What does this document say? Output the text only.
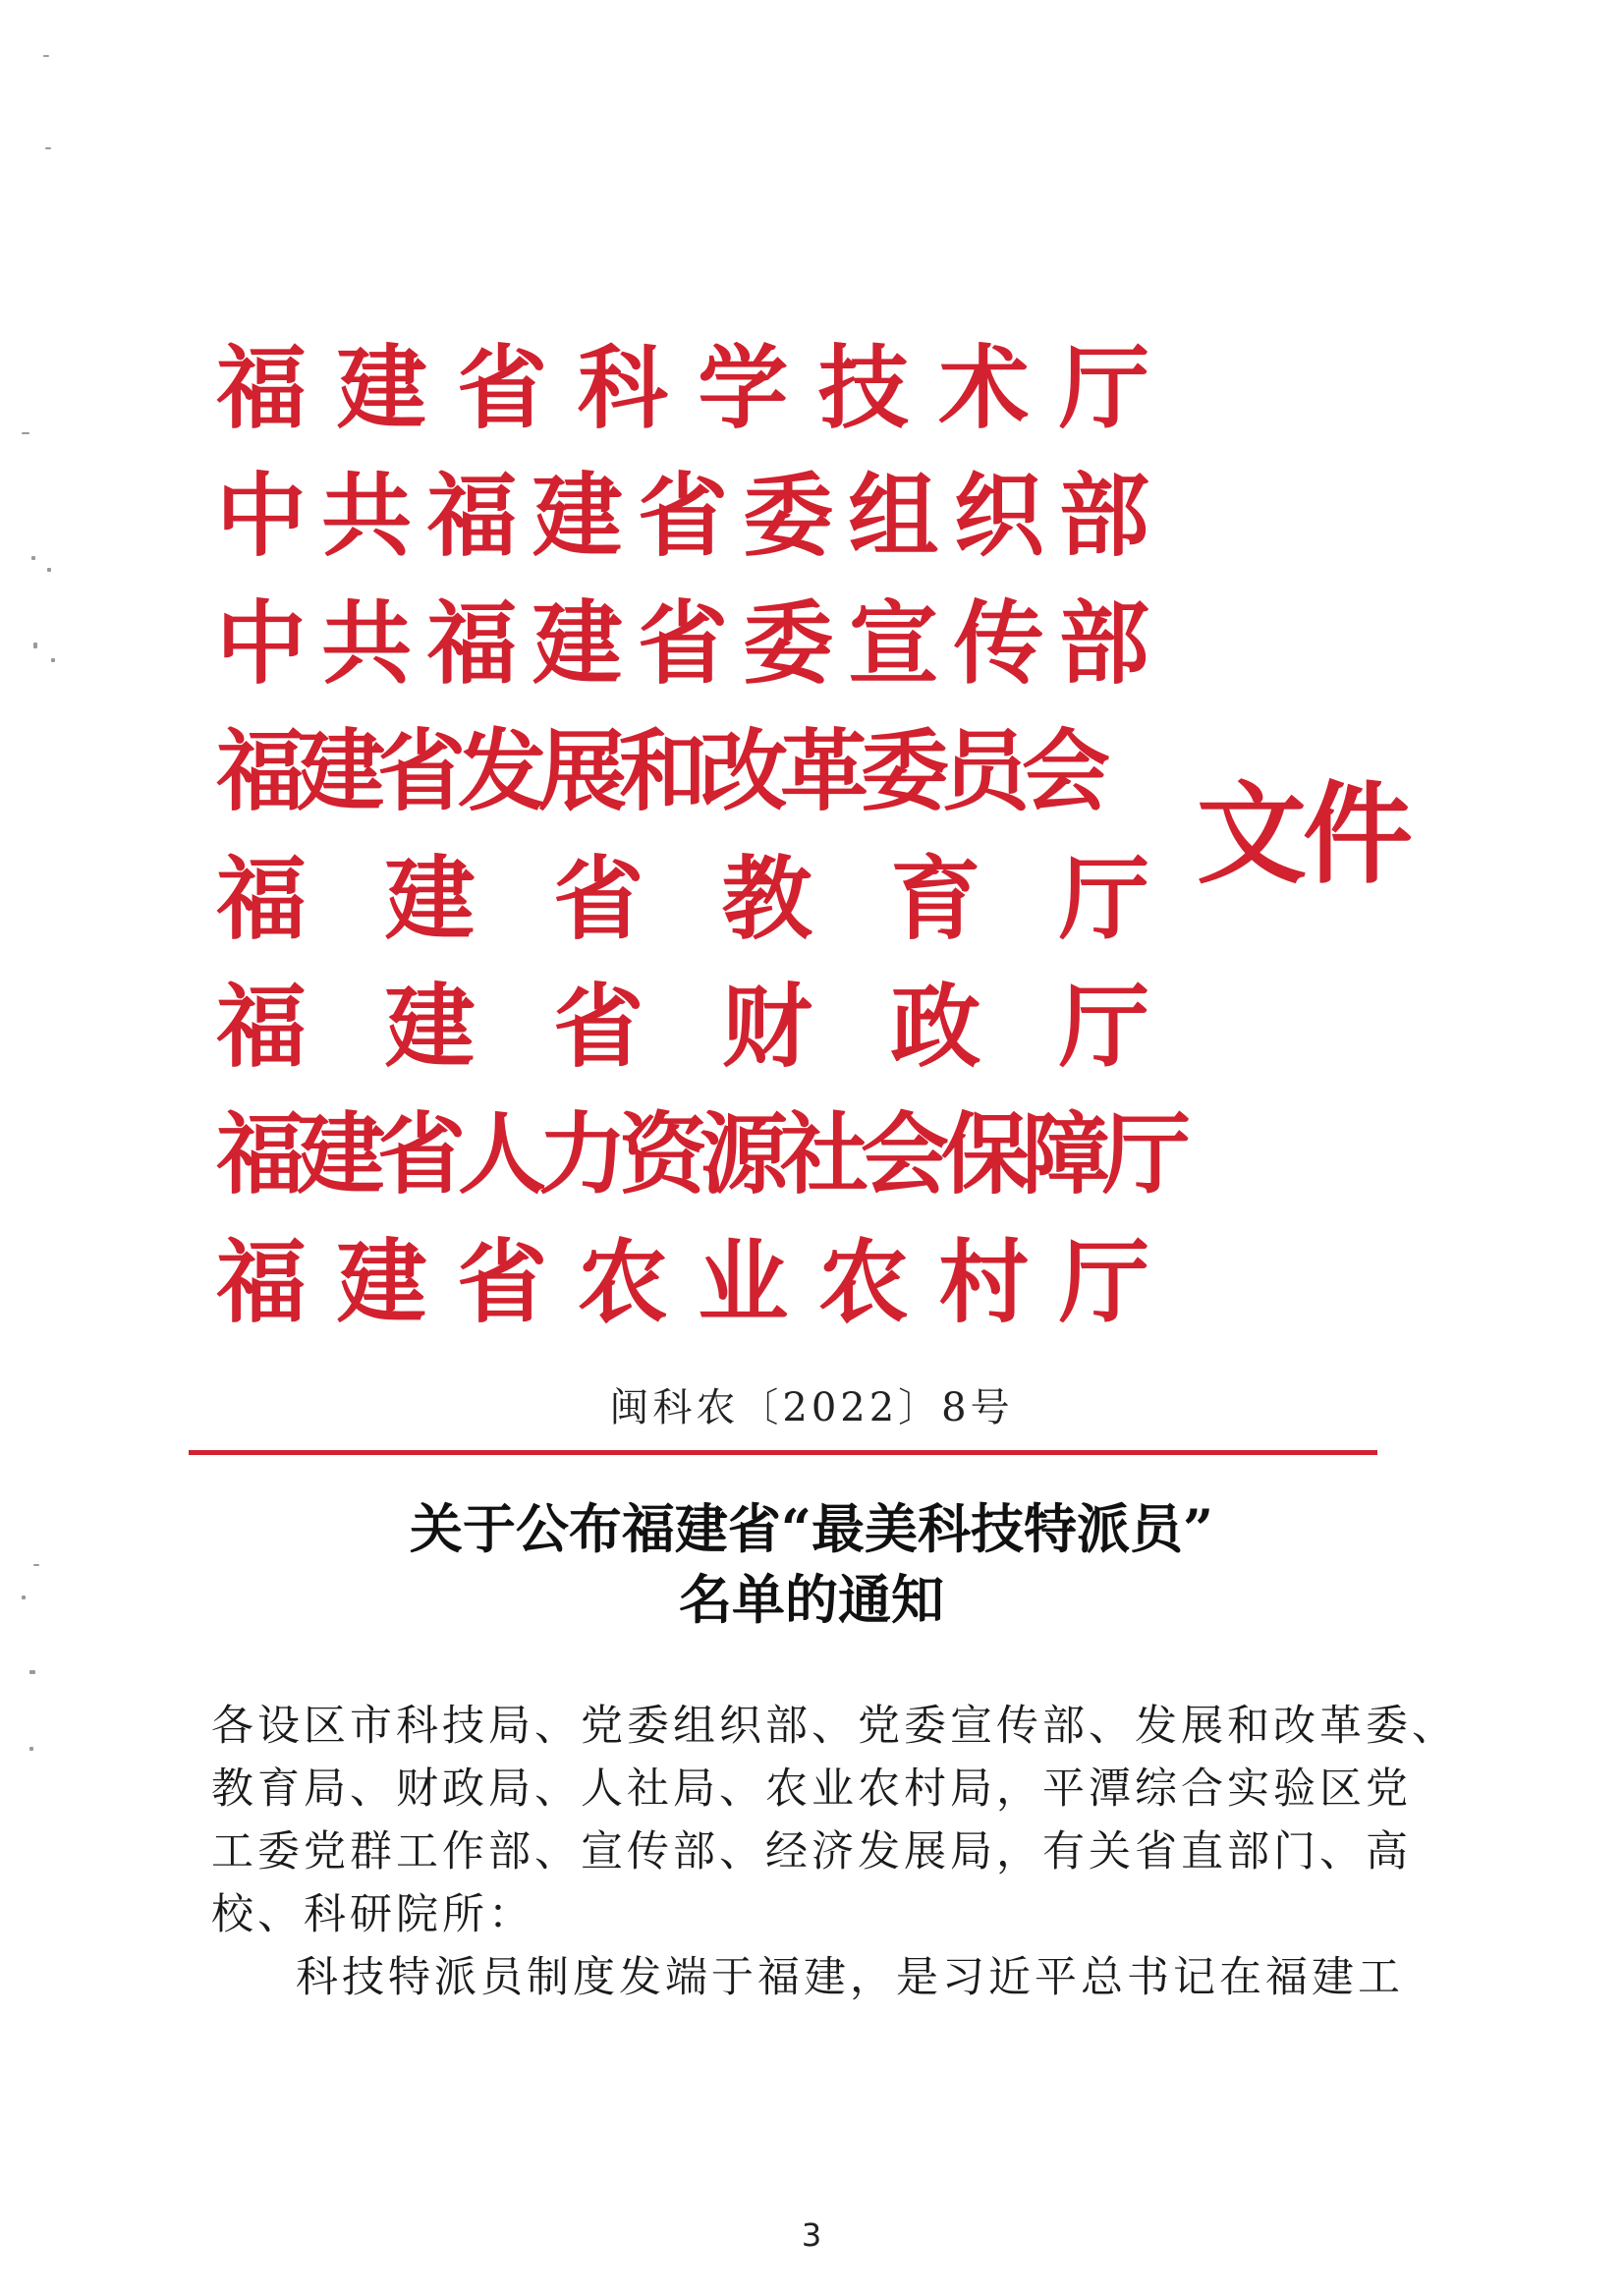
福 建 省 科 学 技 术 厅
中 共 福 建 省 委 组 织 部
中 共 福 建 省 委 宣 传 部
福建省发展和改革委员会
福 建 省 教 育 厅
福 建 省 财 政 厅
福建省人力资源社会保障厅
福 建 省 农 业 农 村 厅
文件
闽科农〔2022〕8号
关于公布福建省“最美科技特派员”
名单的通知
各设区市科技局、党委组织部、党委宣传部、发展和改革委、
教育局、财政局、人社局、农业农村局，平潭综合实验区党
工委党群工作部、宣传部、经济发展局，有关省直部门、高
校、科研院所：
科技特派员制度发端于福建，是习近平总书记在福建工
3
